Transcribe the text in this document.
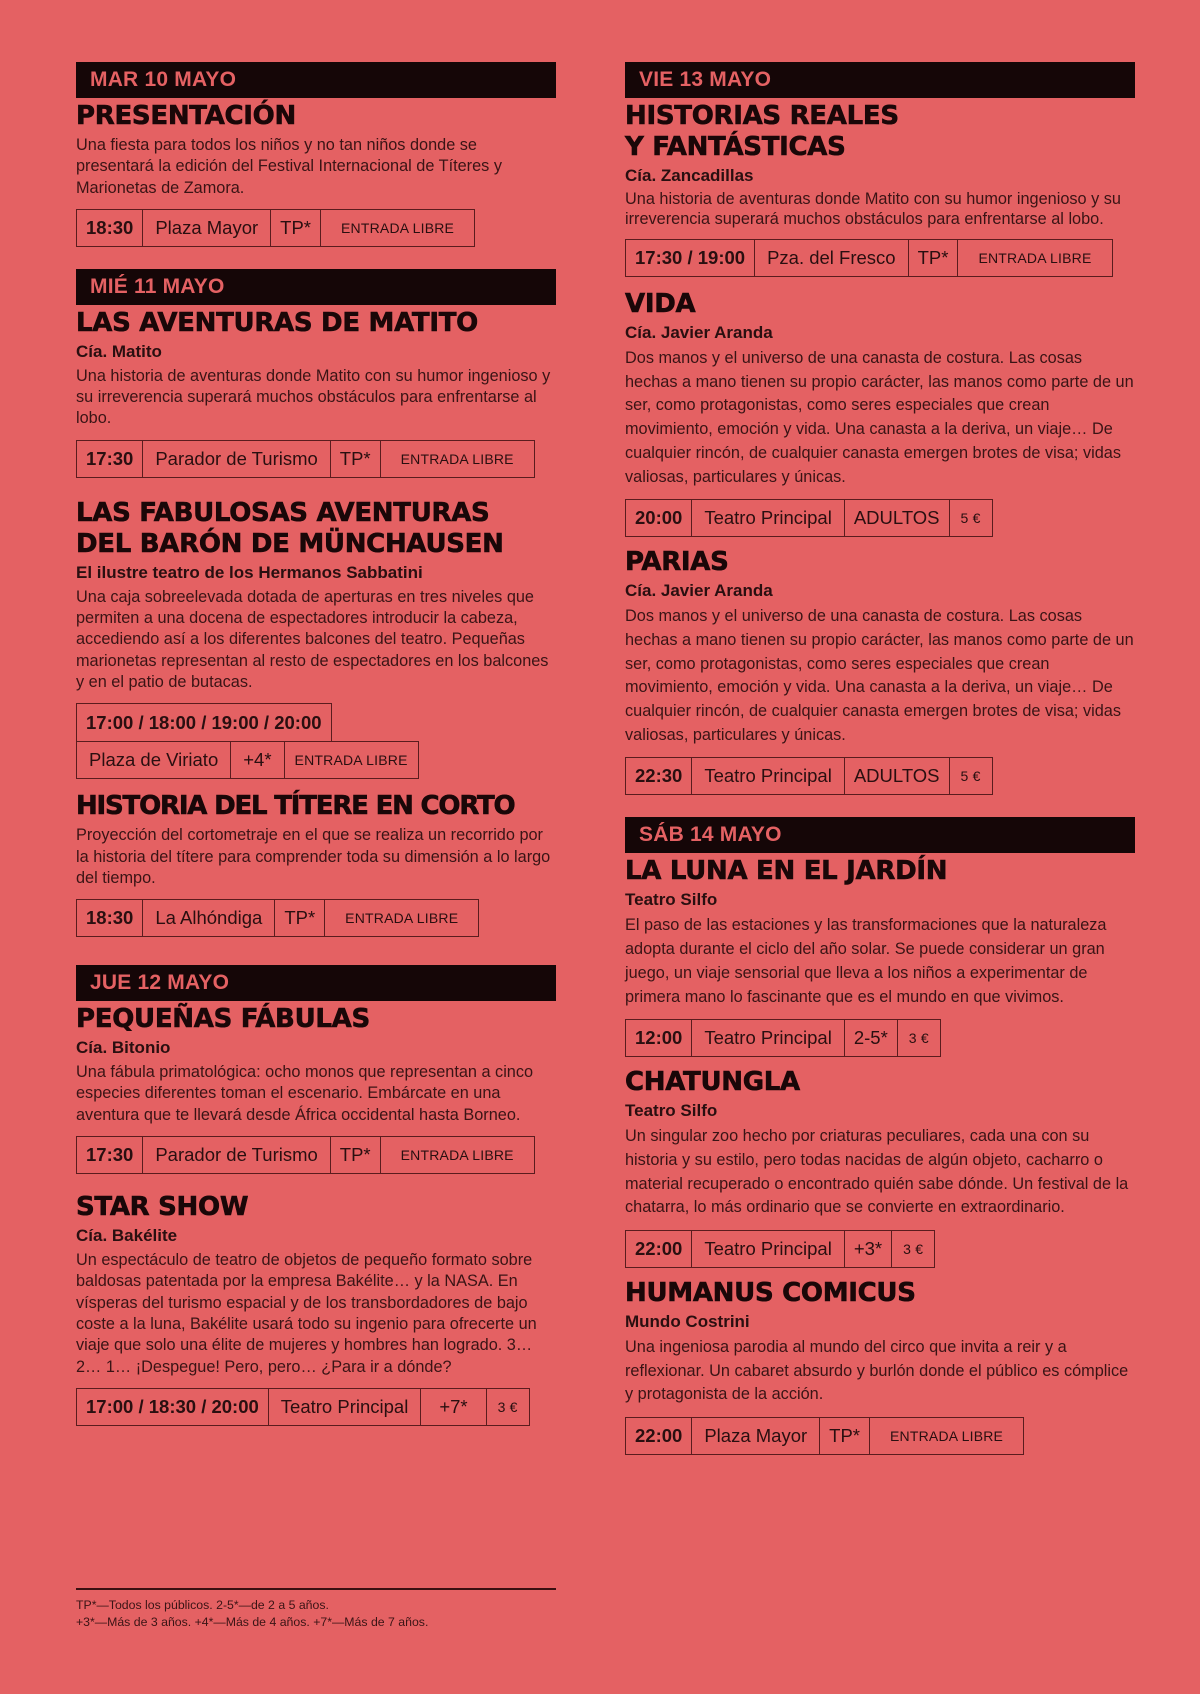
MAR 10 MAYO
PRESENTACIÓN
Una fiesta para todos los niños y no tan niños donde se presentará la edición del Festival Internacional de Títeres y Marionetas de Zamora.
18:30	Plaza Mayor	TP*	ENTRADA LIBRE
MIÉ 11 MAYO
LAS AVENTURAS DE MATITO
Cía. Matito
Una historia de aventuras donde Matito con su humor ingenioso y su irreverencia superará muchos obstáculos para enfrentarse al lobo.
17:30	Parador de Turismo	TP*	ENTRADA LIBRE
LAS FABULOSAS AVENTURAS
DEL BARÓN DE MÜNCHAUSEN
El ilustre teatro de los Hermanos Sabbatini
Una caja sobreelevada dotada de aperturas en tres niveles que permiten a una docena de espectadores introducir la cabeza, accediendo así a los diferentes balcones del teatro. Pequeñas marionetas representan al resto de espectadores en los balcones y en el patio de butacas.
17:00 / 18:00 / 19:00 / 20:00
Plaza de Viriato	+4*	ENTRADA LIBRE
HISTORIA DEL TÍTERE EN CORTO
Proyección del cortometraje en el que se realiza un recorrido por la historia del títere para comprender toda su dimensión a lo largo del tiempo.
18:30	La Alhóndiga	TP*	ENTRADA LIBRE
JUE 12 MAYO
PEQUEÑAS FÁBULAS
Cía. Bitonio
Una fábula primatológica: ocho monos que representan a cinco especies diferentes toman el escenario. Embárcate en una aventura que te llevará desde África occidental hasta Borneo.
17:30	Parador de Turismo	TP*	ENTRADA LIBRE
STAR SHOW
Cía. Bakélite
Un espectáculo de teatro de objetos de pequeño formato sobre baldosas patentada por la empresa Bakélite… y la NASA. En vísperas del turismo espacial y de los transbordadores de bajo coste a la luna, Bakélite usará todo su ingenio para ofrecerte un viaje que solo una élite de mujeres y hombres han logrado. 3… 2… 1… ¡Despegue! Pero, pero… ¿Para ir a dónde?
17:00 / 18:30 / 20:00	Teatro Principal	+7*	3 €
TP*—Todos los públicos. 2-5*—de 2 a 5 años.
+3*—Más de 3 años. +4*—Más de 4 años. +7*—Más de 7 años.
VIE 13 MAYO
HISTORIAS REALES
Y FANTÁSTICAS
Cía. Zancadillas
Una historia de aventuras donde Matito con su humor ingenioso y su irreverencia superará muchos obstáculos para enfrentarse al lobo.
17:30 / 19:00	Pza. del Fresco	TP*	ENTRADA LIBRE
VIDA
Cía. Javier Aranda
Dos manos y el universo de una canasta de costura. Las cosas hechas a mano tienen su propio carácter, las manos como parte de un ser, como protagonistas, como seres especiales que crean movimiento, emoción y vida. Una canasta a la deriva, un viaje… De cualquier rincón, de cualquier canasta emergen brotes de visa; vidas valiosas, particulares y únicas.
20:00	Teatro Principal	ADULTOS	5 €
PARIAS
Cía. Javier Aranda
Dos manos y el universo de una canasta de costura. Las cosas hechas a mano tienen su propio carácter, las manos como parte de un ser, como protagonistas, como seres especiales que crean movimiento, emoción y vida. Una canasta a la deriva, un viaje… De cualquier rincón, de cualquier canasta emergen brotes de visa; vidas valiosas, particulares y únicas.
22:30	Teatro Principal	ADULTOS	5 €
SÁB 14 MAYO
LA LUNA EN EL JARDÍN
Teatro Silfo
El paso de las estaciones y las transformaciones que la naturaleza adopta durante el ciclo del año solar. Se puede considerar un gran juego, un viaje sensorial que lleva a los niños a experimentar de primera mano lo fascinante que es el mundo en que vivimos.
12:00	Teatro Principal	2-5*	3 €
CHATUNGLA
Teatro Silfo
Un singular zoo hecho por criaturas peculiares, cada una con su historia y su estilo, pero todas nacidas de algún objeto, cacharro o material recuperado o encontrado quién sabe dónde. Un festival de la chatarra, lo más ordinario que se convierte en extraordinario.
22:00	Teatro Principal	+3*	3 €
HUMANUS COMICUS
Mundo Costrini
Una ingeniosa parodia al mundo del circo que invita a reir y a reflexionar. Un cabaret absurdo y burlón donde el público es cómplice y protagonista de la acción.
22:00	Plaza Mayor	TP*	ENTRADA LIBRE
